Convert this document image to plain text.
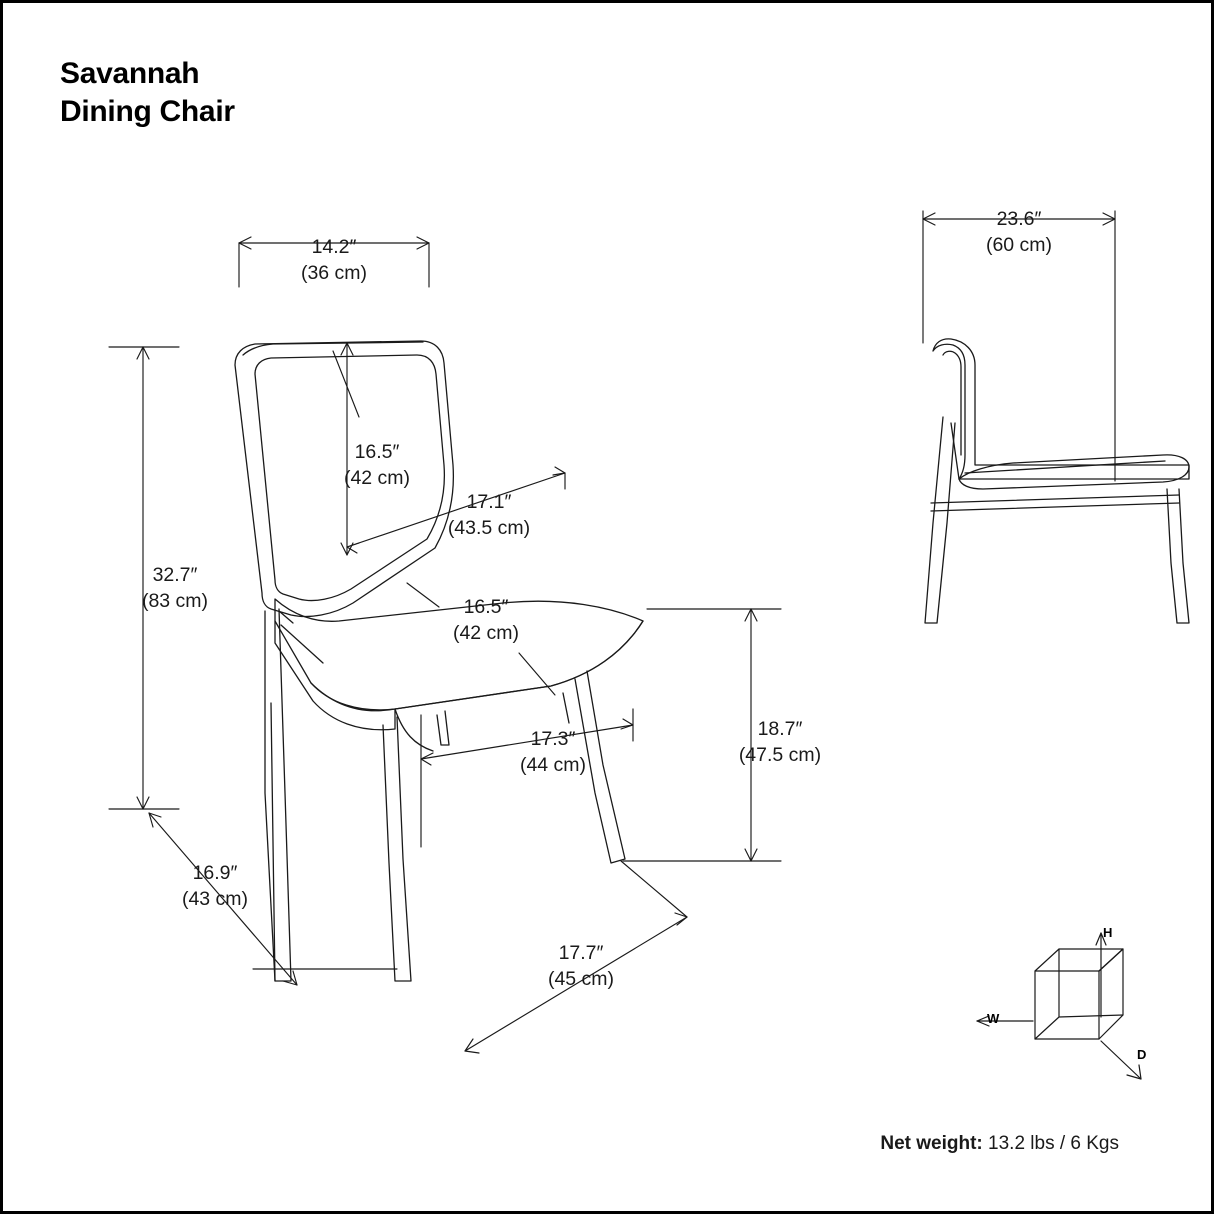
Savannah
Dining Chair
14.2″
(36 cm)
16.5″
(42 cm)
17.1″
(43.5 cm)
16.5″
(42 cm)
32.7″
(83 cm)
17.3″
(44 cm)
18.7″
(47.5 cm)
16.9″
(43 cm)
17.7″
(45 cm)
23.6″
(60 cm)
H
W
D
Net weight: 13.2 lbs / 6 Kgs
